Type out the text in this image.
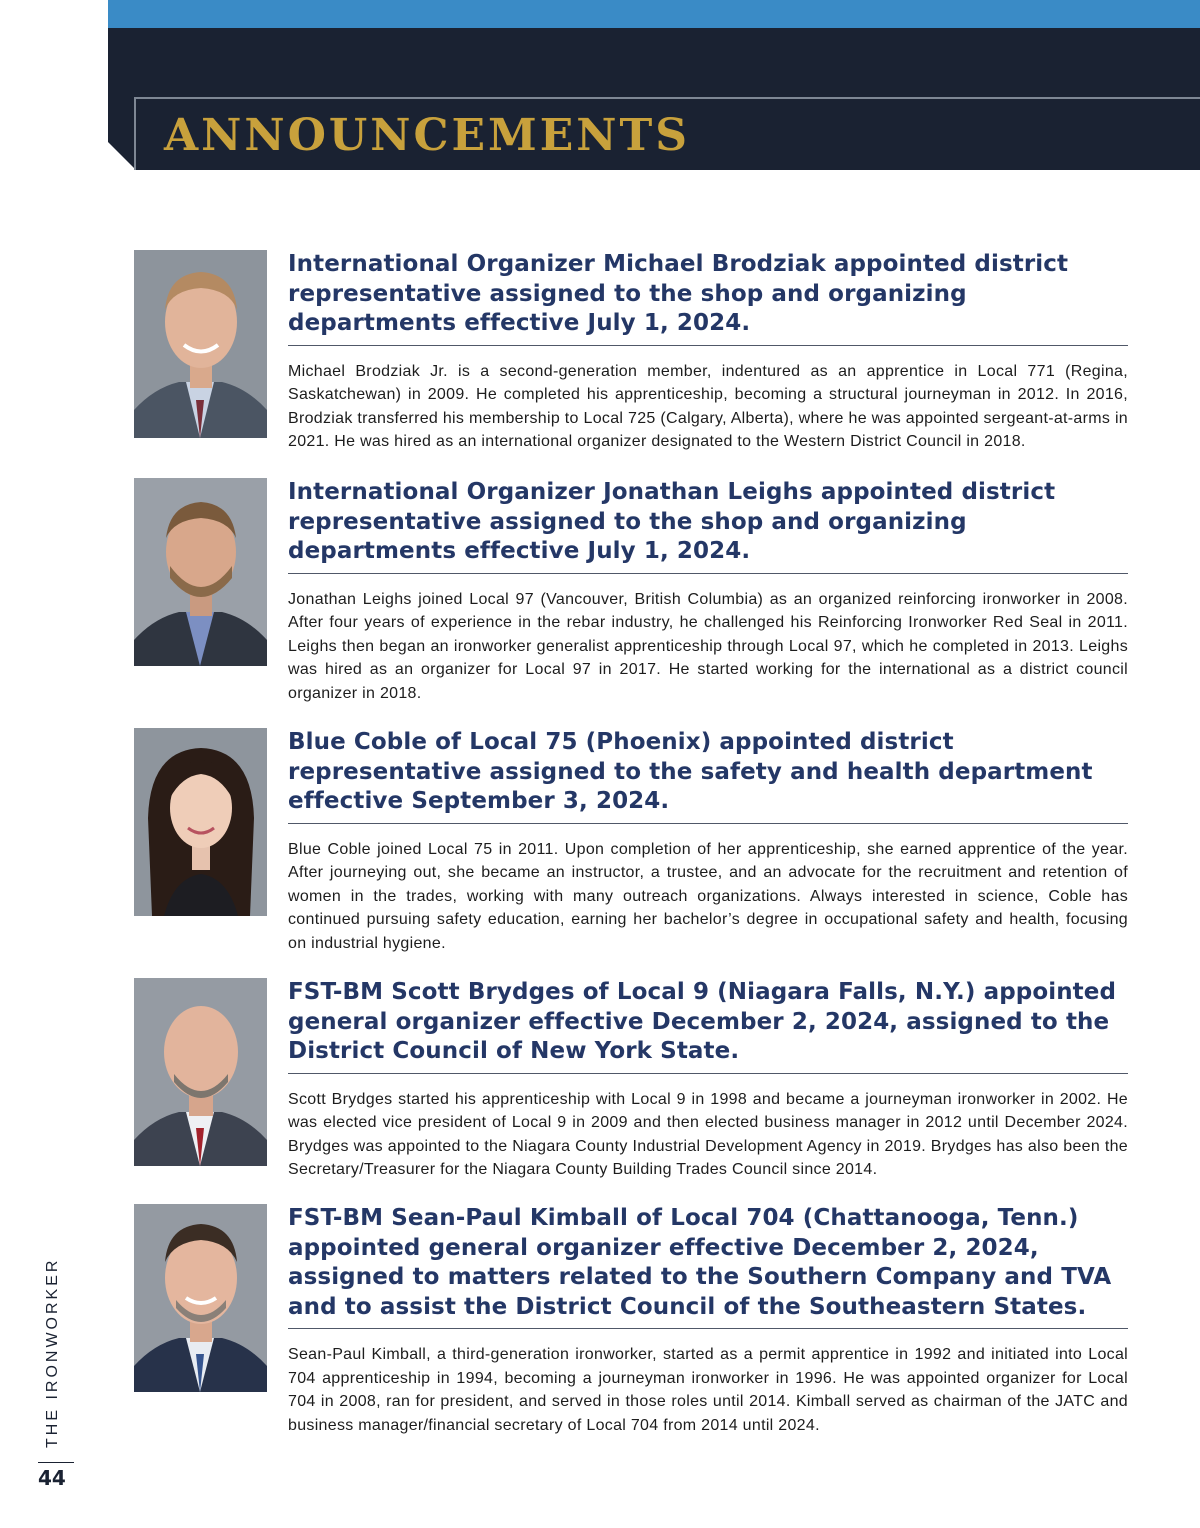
ANNOUNCEMENTS
International Organizer Michael Brodziak appointed district representative assigned to the shop and organizing departments effective July 1, 2024.

Michael Brodziak Jr. is a second-generation member, indentured as an apprentice in Local 771 (Regina, Saskatchewan) in 2009. He completed his apprenticeship, becoming a structural journeyman in 2012. In 2016, Brodziak transferred his membership to Local 725 (Calgary, Alberta), where he was appointed sergeant-at-arms in 2021. He was hired as an international organizer designated to the Western District Council in 2018.

International Organizer Jonathan Leighs appointed district representative assigned to the shop and organizing departments effective July 1, 2024.

Jonathan Leighs joined Local 97 (Vancouver, British Columbia) as an organized reinforcing ironworker in 2008. After four years of experience in the rebar industry, he challenged his Reinforcing Ironworker Red Seal in 2011. Leighs then began an ironworker generalist apprenticeship through Local 97, which he completed in 2013. Leighs was hired as an organizer for Local 97 in 2017. He started working for the international as a district council organizer in 2018.

Blue Coble of Local 75 (Phoenix) appointed district representative assigned to the safety and health department effective September 3, 2024.

Blue Coble joined Local 75 in 2011. Upon completion of her apprenticeship, she earned apprentice of the year. After journeying out, she became an instructor, a trustee, and an advocate for the recruitment and retention of women in the trades, working with many outreach organizations. Always interested in science, Coble has continued pursuing safety education, earning her bachelor’s degree in occupational safety and health, focusing on industrial hygiene.

FST-BM Scott Brydges of Local 9 (Niagara Falls, N.Y.) appointed general organizer effective December 2, 2024, assigned to the District Council of New York State.

Scott Brydges started his apprenticeship with Local 9 in 1998 and became a journeyman ironworker in 2002. He was elected vice president of Local 9 in 2009 and then elected business manager in 2012 until December 2024. Brydges was appointed to the Niagara County Industrial Development Agency in 2019. Brydges has also been the Secretary/Treasurer for the Niagara County Building Trades Council since 2014.

FST-BM Sean-Paul Kimball of Local 704 (Chattanooga, Tenn.) appointed general organizer effective December 2, 2024, assigned to matters related to the Southern Company and TVA and to assist the District Council of the Southeastern States.

Sean-Paul Kimball, a third-generation ironworker, started as a permit apprentice in 1992 and initiated into Local 704 apprenticeship in 1994, becoming a journeyman ironworker in 1996. He was appointed organizer for Local 704 in 2008, ran for president, and served in those roles until 2014. Kimball served as chairman of the JATC and business manager/financial secretary of Local 704 from 2014 until 2024.

THE IRONWORKER
44
